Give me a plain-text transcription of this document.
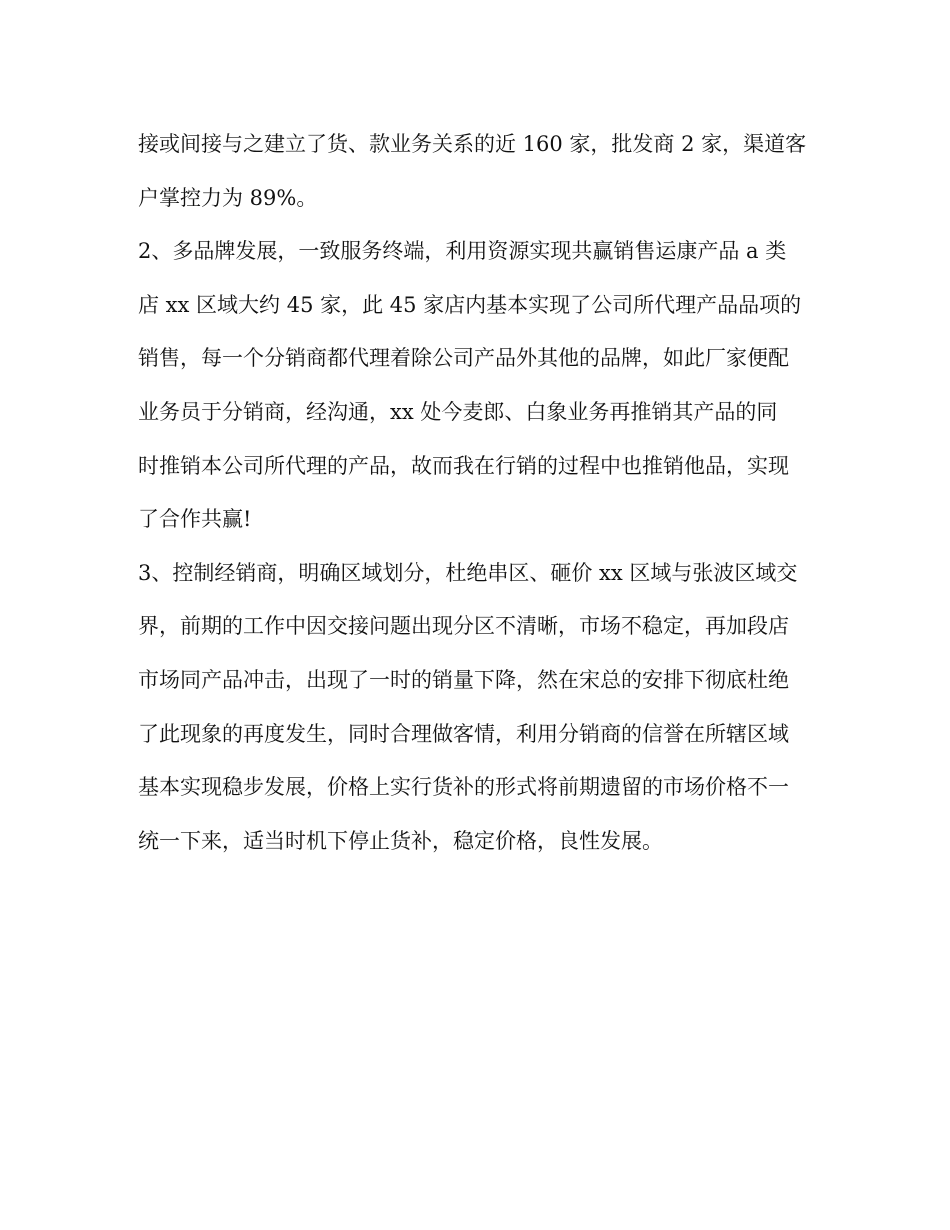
接或间接与之建立了货、款业务关系的近 160 家，批发商 2 家，渠道客
户掌控力为 89%。
2、多品牌发展，一致服务终端，利用资源实现共赢销售运康产品 a 类
店 xx 区域大约 45 家，此 45 家店内基本实现了公司所代理产品品项的
销售，每一个分销商都代理着除公司产品外其他的品牌，如此厂家便配
业务员于分销商，经沟通，xx 处今麦郎、白象业务再推销其产品的同
时推销本公司所代理的产品，故而我在行销的过程中也推销他品，实现
了合作共赢!
3、控制经销商，明确区域划分，杜绝串区、砸价 xx 区域与张波区域交
界，前期的工作中因交接问题出现分区不清晰，市场不稳定，再加段店
市场同产品冲击，出现了一时的销量下降，然在宋总的安排下彻底杜绝
了此现象的再度发生，同时合理做客情，利用分销商的信誉在所辖区域
基本实现稳步发展，价格上实行货补的形式将前期遗留的市场价格不一
统一下来，适当时机下停止货补，稳定价格，良性发展。
